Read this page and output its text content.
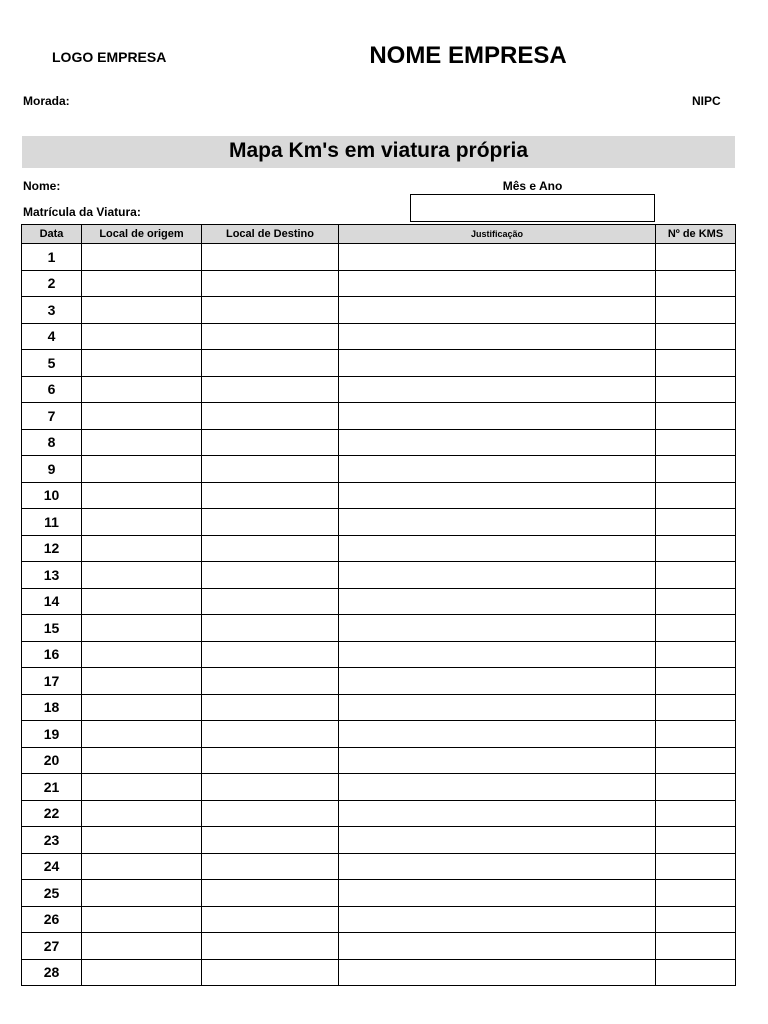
LOGO EMPRESA	NOME EMPRESA
Morada:	NIPC
Mapa Km's em viatura própria
Nome:	Mês e Ano
Matrícula da Viatura:
Data	Local de origem	Local de Destino	Justificação	Nº de KMS
1				
2				
3				
4				
5				
6				
7				
8				
9				
10				
11				
12				
13				
14				
15				
16				
17				
18				
19				
20				
21				
22				
23				
24				
25				
26				
27				
28				
